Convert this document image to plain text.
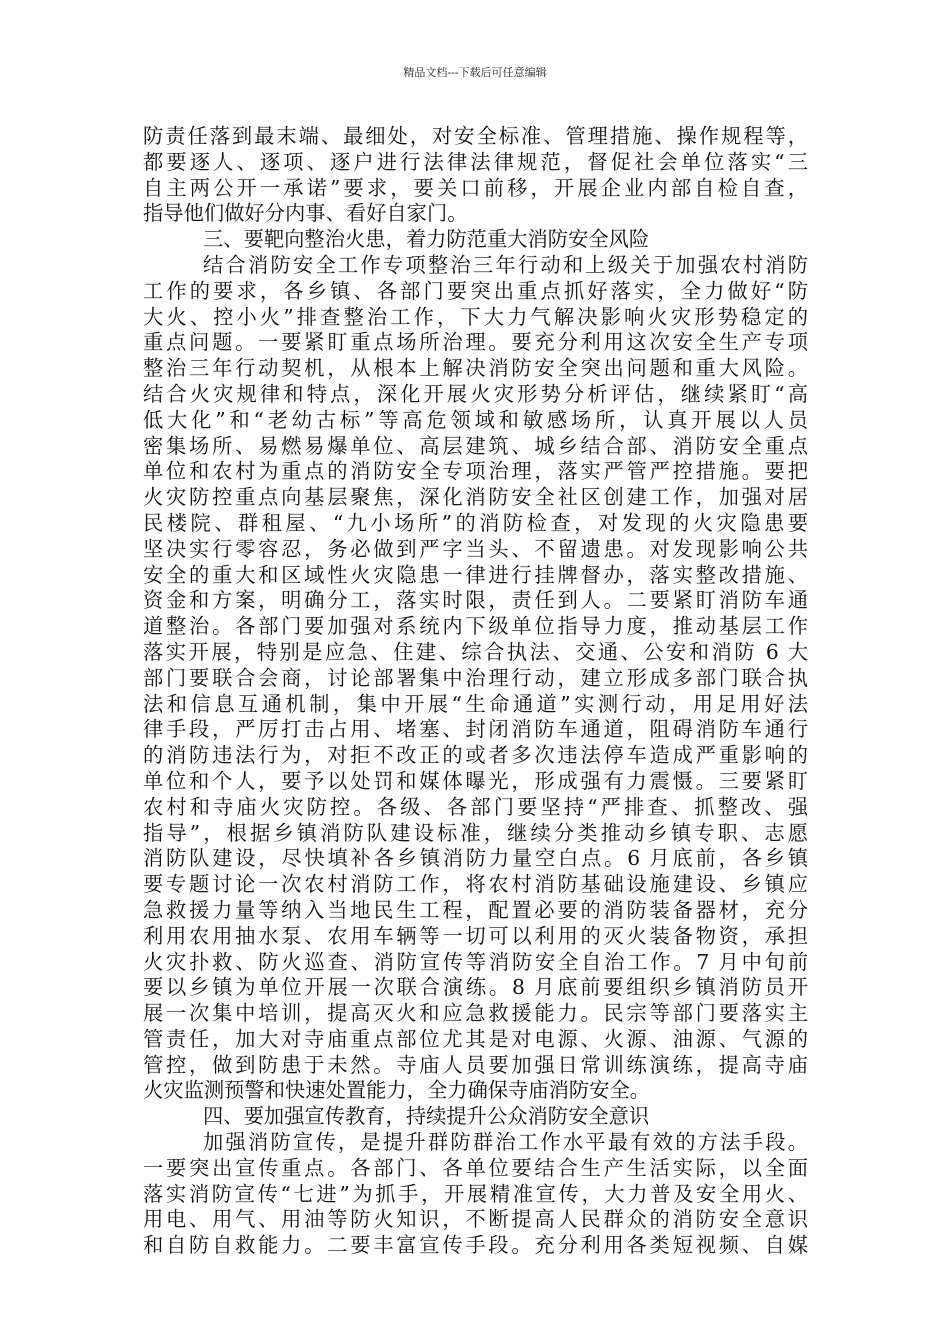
精品文档---下载后可任意编辑
防责任落到最末端、最细处，对安全标准、管理措施、操作规程等，
都要逐人、逐项、逐户进行法律法律规范，督促社会单位落实“三
自主两公开一承诺”要求，要关口前移，开展企业内部自检自查，
指导他们做好分内事、看好自家门。
三、要靶向整治火患，着力防范重大消防安全风险
结合消防安全工作专项整治三年行动和上级关于加强农村消防
工作的要求，各乡镇、各部门要突出重点抓好落实，全力做好“防
大火、控小火”排查整治工作，下大力气解决影响火灾形势稳定的
重点问题。一要紧盯重点场所治理。要充分利用这次安全生产专项
整治三年行动契机，从根本上解决消防安全突出问题和重大风险。
结合火灾规律和特点，深化开展火灾形势分析评估，继续紧盯“高
低大化”和“老幼古标”等高危领域和敏感场所，认真开展以人员
密集场所、易燃易爆单位、高层建筑、城乡结合部、消防安全重点
单位和农村为重点的消防安全专项治理，落实严管严控措施。要把
火灾防控重点向基层聚焦，深化消防安全社区创建工作，加强对居
民楼院、群租屋、“九小场所”的消防检查，对发现的火灾隐患要
坚决实行零容忍，务必做到严字当头、不留遗患。对发现影响公共
安全的重大和区域性火灾隐患一律进行挂牌督办，落实整改措施、
资金和方案，明确分工，落实时限，责任到人。二要紧盯消防车通
道整治。各部门要加强对系统内下级单位指导力度，推动基层工作
落实开展，特别是应急、住建、综合执法、交通、公安和消防 6 大
部门要联合会商，讨论部署集中治理行动，建立形成多部门联合执
法和信息互通机制，集中开展“生命通道”实测行动，用足用好法
律手段，严厉打击占用、堵塞、封闭消防车通道，阻碍消防车通行
的消防违法行为，对拒不改正的或者多次违法停车造成严重影响的
单位和个人，要予以处罚和媒体曝光，形成强有力震慑。三要紧盯
农村和寺庙火灾防控。各级、各部门要坚持“严排查、抓整改、强
指导”，根据乡镇消防队建设标准，继续分类推动乡镇专职、志愿
消防队建设，尽快填补各乡镇消防力量空白点。6 月底前，各乡镇
要专题讨论一次农村消防工作，将农村消防基础设施建设、乡镇应
急救援力量等纳入当地民生工程，配置必要的消防装备器材，充分
利用农用抽水泵、农用车辆等一切可以利用的灭火装备物资，承担
火灾扑救、防火巡查、消防宣传等消防安全自治工作。7 月中旬前
要以乡镇为单位开展一次联合演练。8 月底前要组织乡镇消防员开
展一次集中培训，提高灭火和应急救援能力。民宗等部门要落实主
管责任，加大对寺庙重点部位尤其是对电源、火源、油源、气源的
管控，做到防患于未然。寺庙人员要加强日常训练演练，提高寺庙
火灾监测预警和快速处置能力，全力确保寺庙消防安全。
四、要加强宣传教育，持续提升公众消防安全意识
加强消防宣传，是提升群防群治工作水平最有效的方法手段。
一要突出宣传重点。各部门、各单位要结合生产生活实际，以全面
落实消防宣传“七进”为抓手，开展精准宣传，大力普及安全用火、
用电、用气、用油等防火知识，不断提高人民群众的消防安全意识
和自防自救能力。二要丰富宣传手段。充分利用各类短视频、自媒
